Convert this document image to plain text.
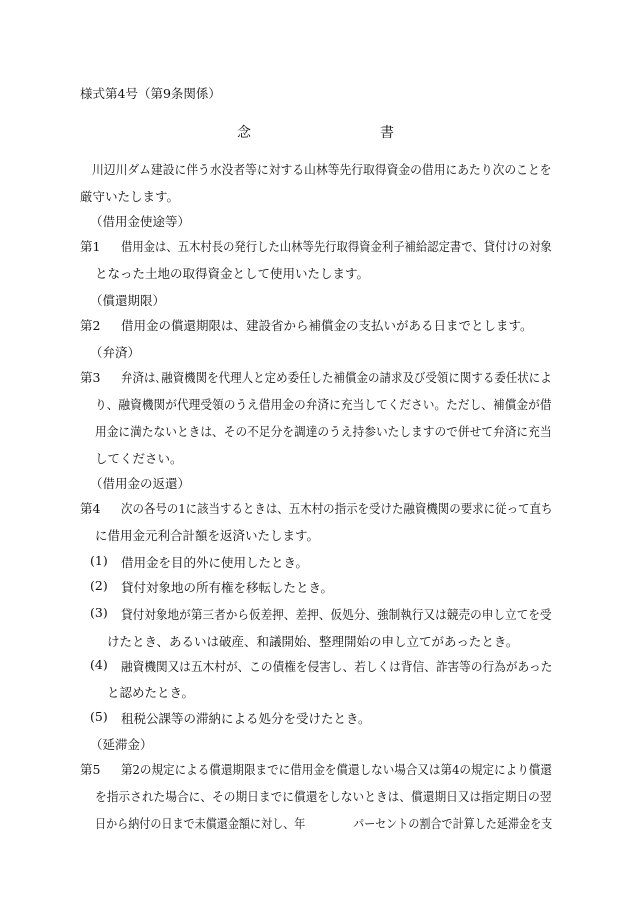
様式第4号（第9条関係）
念	書
川辺川ダム建設に伴う水没者等に対する山林等先行取得資金の借用にあたり次のことを
厳守いたします。
（借用金使途等）
第1 借用金は、五木村長の発行した山林等先行取得資金利子補給認定書で、貸付けの対象
となった土地の取得資金として使用いたします。
（償還期限）
第2 借用金の償還期限は、建設省から補償金の支払いがある日までとします。
（弁済）
第3 弁済は､融資機関を代理人と定め委任した補償金の請求及び受領に関する委任状によ
り、融資機関が代理受領のうえ借用金の弁済に充当してください。ただし、補償金が借
用金に満たないときは、その不足分を調達のうえ持参いたしますので併せて弁済に充当
してください。
（借用金の返還）
第4 次の各号の1に該当するときは、五木村の指示を受けた融資機関の要求に従って直ち
に借用金元利合計額を返済いたします。
(1) 借用金を目的外に使用したとき。
(2) 貸付対象地の所有権を移転したとき。
(3) 貸付対象地が第三者から仮差押、差押、仮処分、強制執行又は競売の申し立てを受
けたとき、あるいは破産、和議開始、整理開始の申し立てがあったとき。
(4) 融資機関又は五木村が、この債権を侵害し、若しくは背信、詐害等の行為があった
と認めたとき。
(5) 租税公課等の滞納による処分を受けたとき。
（延滞金）
第5 第2の規定による償還期限までに借用金を償還しない場合又は第4の規定により償還
を指示された場合に、その期日までに償還をしないときは、償還期日又は指定期日の翌
日から納付の日まで未償還金額に対し、年	パーセントの割合で計算した延滞金を支
